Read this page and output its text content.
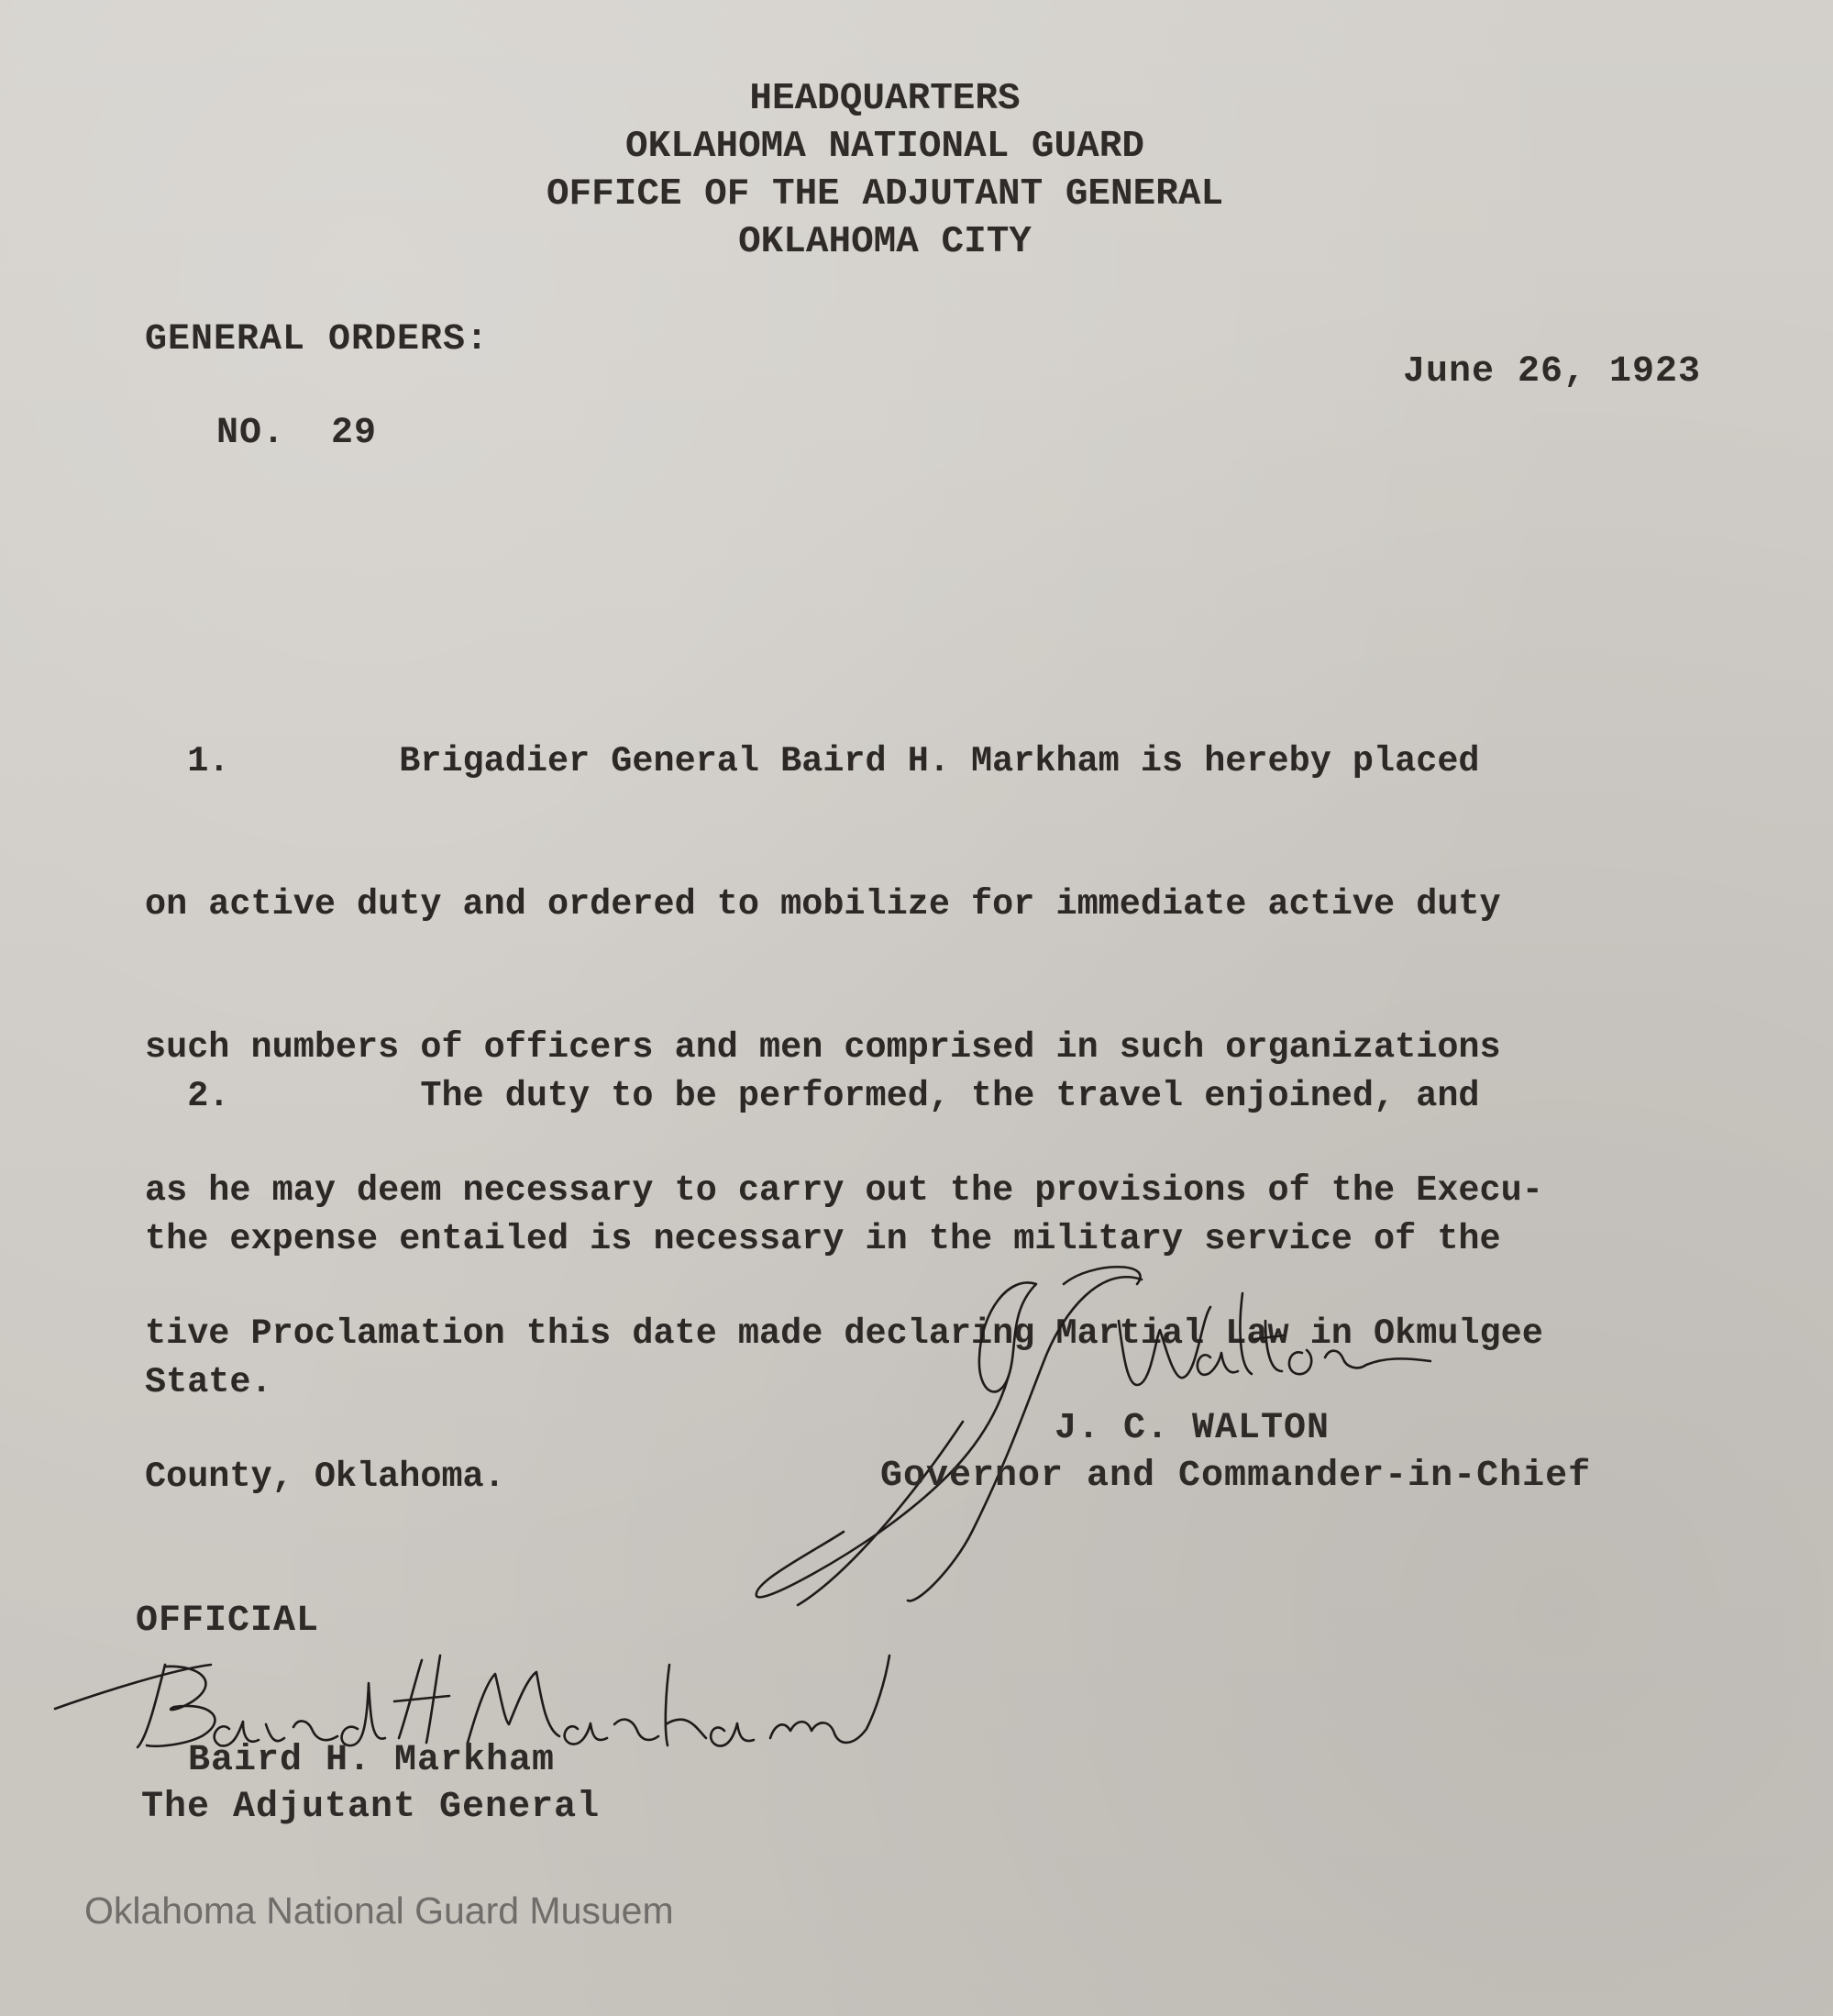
HEADQUARTERS
OKLAHOMA NATIONAL GUARD
OFFICE OF THE ADJUTANT GENERAL
OKLAHOMA CITY
GENERAL ORDERS:
June 26, 1923
NO.  29

1.        Brigadier General Baird H. Markham is hereby placed

on active duty and ordered to mobilize for immediate active duty

such numbers of officers and men comprised in such organizations

as he may deem necessary to carry out the provisions of the Execu-

tive Proclamation this date made declaring Martial Law in Okmulgee

County, Oklahoma.

2.         The duty to be performed, the travel enjoined, and

the expense entailed is necessary in the military service of the

State.

J. C. WALTON
Governor and Commander-in-Chief
OFFICIAL
Baird H. Markham
The Adjutant General
Oklahoma National Guard Musuem
